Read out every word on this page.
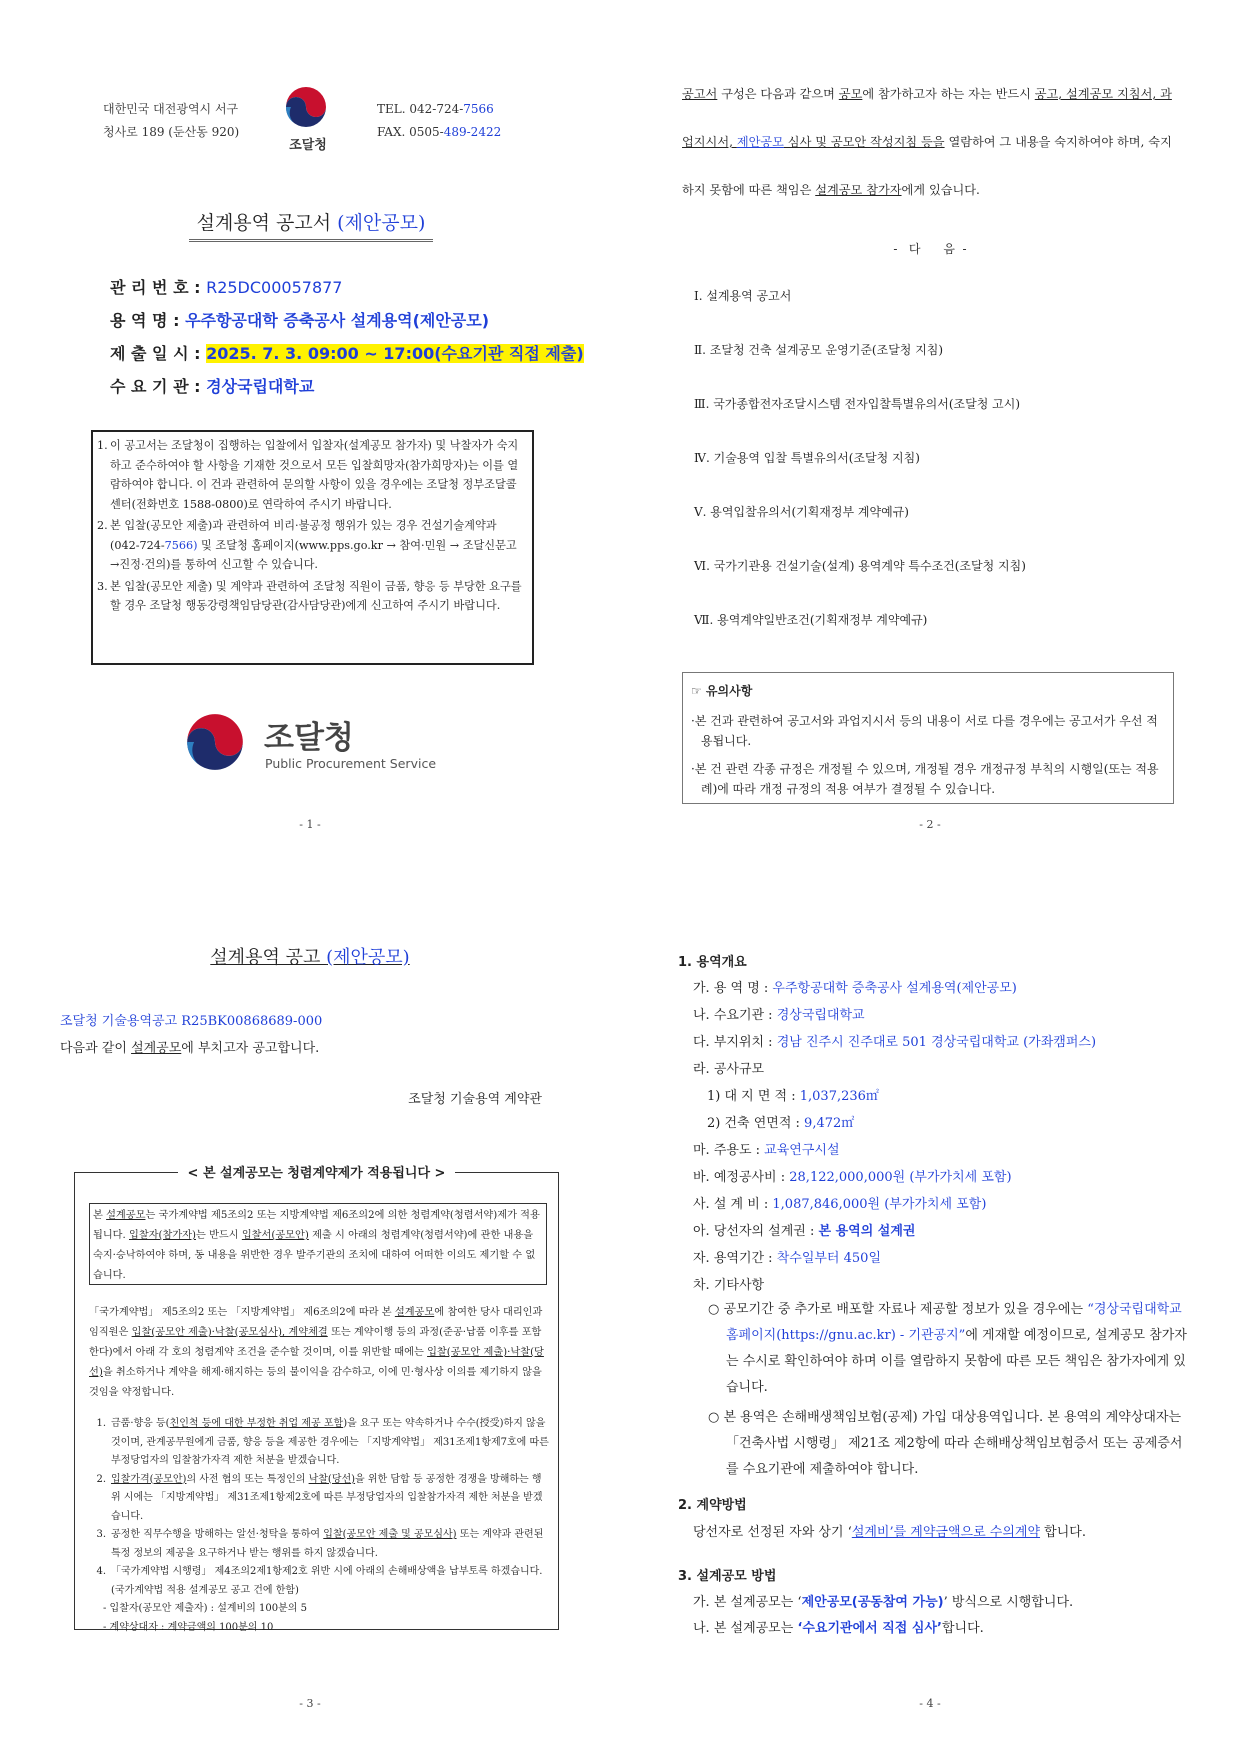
대한민국 대전광역시 서구
청사로 189 (둔산동 920)
조달청
TEL. 042-724-7566
FAX. 0505-489-2422
설계용역 공고서 (제안공모)
관 리 번 호 : R25DC00057877
용 역 명 : 우주항공대학 증축공사 설계용역(제안공모)
제 출 일 시 : 2025. 7. 3. 09:00 ~ 17:00(수요기관 직접 제출)
수 요 기 관 : 경상국립대학교
1. 이 공고서는 조달청이 집행하는 입찰에서 입찰자(설계공모 참가자) 및 낙찰자가 숙지하고 준수하여야 할 사항을 기재한 것으로서 모든 입찰희망자(참가희망자)는 이를 열람하여야 합니다. 이 건과 관련하여 문의할 사항이 있을 경우에는 조달청 정부조달콜센터(전화번호 1588-0800)로 연락하여 주시기 바랍니다.
2. 본 입찰(공모안 제출)과 관련하여 비리·불공정 행위가 있는 경우 건설기술계약과(042-724-7566) 및 조달청 홈페이지(www.pps.go.kr → 참여·민원 → 조달신문고→진정·건의)를 통하여 신고할 수 있습니다.
3. 본 입찰(공모안 제출) 및 계약과 관련하여 조달청 직원이 금품, 향응 등 부당한 요구를 할 경우 조달청 행동강령책임담당관(감사담당관)에게 신고하여 주시기 바랍니다.
조달청
Public Procurement Service
- 1 -
공고서 구성은 다음과 같으며 공모에 참가하고자 하는 자는 반드시 공고, 설계공모 지침서, 과업지시서, 제안공모 심사 및 공모안 작성지침 등을 열람하여 그 내용을 숙지하여야 하며, 숙지하지 못함에 따른 책임은 설계공모 참가자에게 있습니다.
-   다      음  -
Ⅰ. 설계용역 공고서
Ⅱ. 조달청 건축 설계공모 운영기준(조달청 지침)
Ⅲ. 국가종합전자조달시스템 전자입찰특별유의서(조달청 고시)
Ⅳ. 기술용역 입찰 특별유의서(조달청 지침)
Ⅴ. 용역입찰유의서(기획재정부 계약예규)
Ⅵ. 국가기관용 건설기술(설계) 용역계약 특수조건(조달청 지침)
Ⅶ. 용역계약일반조건(기획재정부 계약예규)
☞ 유의사항
·본 건과 관련하여 공고서와 과업지시서 등의 내용이 서로 다를 경우에는 공고서가 우선 적용됩니다.
·본 건 관련 각종 규정은 개정될 수 있으며, 개정될 경우 개정규정 부칙의 시행일(또는 적용례)에 따라 개정 규정의 적용 여부가 결정될 수 있습니다.
- 2 -
설계용역 공고 (제안공모)
조달청 기술용역공고 R25BK00868689-000
다음과 같이 설계공모에 부치고자 공고합니다.
조달청 기술용역 계약관
< 본 설계공모는 청렴계약제가 적용됩니다 >
본 설계공모는 국가계약법 제5조의2 또는 지방계약법 제6조의2에 의한 청렴계약(청렴서약)제가 적용됩니다. 입찰자(참가자)는 반드시 입찰서(공모안) 제출 시 아래의 청렴계약(청렴서약)에 관한 내용을 숙지·승낙하여야 하며, 동 내용을 위반한 경우 발주기관의 조치에 대하여 어떠한 이의도 제기할 수 없습니다.
「국가계약법」 제5조의2 또는 「지방계약법」 제6조의2에 따라 본 설계공모에 참여한 당사 대리인과 임직원은 입찰(공모안 제출)·낙찰(공모심사), 계약체결 또는 계약이행 등의 과정(준공·납품 이후를 포함한다)에서 아래 각 호의 청렴계약 조건을 준수할 것이며, 이를 위반할 때에는 입찰(공모안 제출)·낙찰(당선)을 취소하거나 계약을 해제·해지하는 등의 불이익을 감수하고, 이에 민·형사상 이의를 제기하지 않을 것임을 약정합니다.
1. 금품·향응 등(친인척 등에 대한 부정한 취업 제공 포함)을 요구 또는 약속하거나 수수(授受)하지 않을 것이며, 관계공무원에게 금품, 향응 등을 제공한 경우에는 「지방계약법」 제31조제1항제7호에 따른 부정당업자의 입찰참가자격 제한 처분을 받겠습니다.
2. 입찰가격(공모안)의 사전 협의 또는 특정인의 낙찰(당선)을 위한 담합 등 공정한 경쟁을 방해하는 행위 시에는 「지방계약법」 제31조제1항제2호에 따른 부정당업자의 입찰참가자격 제한 처분을 받겠습니다.
3. 공정한 직무수행을 방해하는 알선·청탁을 통하여 입찰(공모안 제출 및 공모심사) 또는 계약과 관련된 특정 정보의 제공을 요구하거나 받는 행위를 하지 않겠습니다.
4. 「국가계약법 시행령」 제4조의2제1항제2호 위반 시에 아래의 손해배상액을 납부토록 하겠습니다.(국가계약법 적용 설계공모 공고 건에 한함)
- 입찰자(공모안 제출자) : 설계비의 100분의 5
- 계약상대자 : 계약금액의 100분의 10
- 3 -
1. 용역개요
가. 용 역 명 : 우주항공대학 증축공사 설계용역(제안공모)
나. 수요기관 : 경상국립대학교
다. 부지위치 : 경남 진주시 진주대로 501 경상국립대학교 (가좌캠퍼스)
라. 공사규모
1) 대 지 면 적 : 1,037,236㎡
2) 건축 연면적 : 9,472㎡
마. 주용도 : 교육연구시설
바. 예정공사비 : 28,122,000,000원 (부가가치세 포함)
사. 설 계 비 : 1,087,846,000원 (부가가치세 포함)
아. 당선자의 설계권 : 본 용역의 설계권
자. 용역기간 : 착수일부터 450일
차. 기타사항
○ 공모기간 중 추가로 배포할 자료나 제공할 정보가 있을 경우에는 “경상국립대학교 홈페이지(https://gnu.ac.kr) - 기관공지”에 게재할 예정이므로, 설계공모 참가자는 수시로 확인하여야 하며 이를 열람하지 못함에 따른 모든 책임은 참가자에게 있습니다.
○ 본 용역은 손해배생책임보험(공제) 가입 대상용역입니다. 본 용역의 계약상대자는 「건축사법 시행령」 제21조 제2항에 따라 손해배상책임보험증서 또는 공제증서를 수요기관에 제출하여야 합니다.
2. 계약방법
당선자로 선정된 자와 상기 ‘설계비’를 계약금액으로 수의계약 합니다.
3. 설계공모 방법
가. 본 설계공모는 ‘제안공모(공동참여 가능)’ 방식으로 시행합니다.
나. 본 설계공모는 ‘수요기관에서 직접 심사’합니다.
- 4 -
